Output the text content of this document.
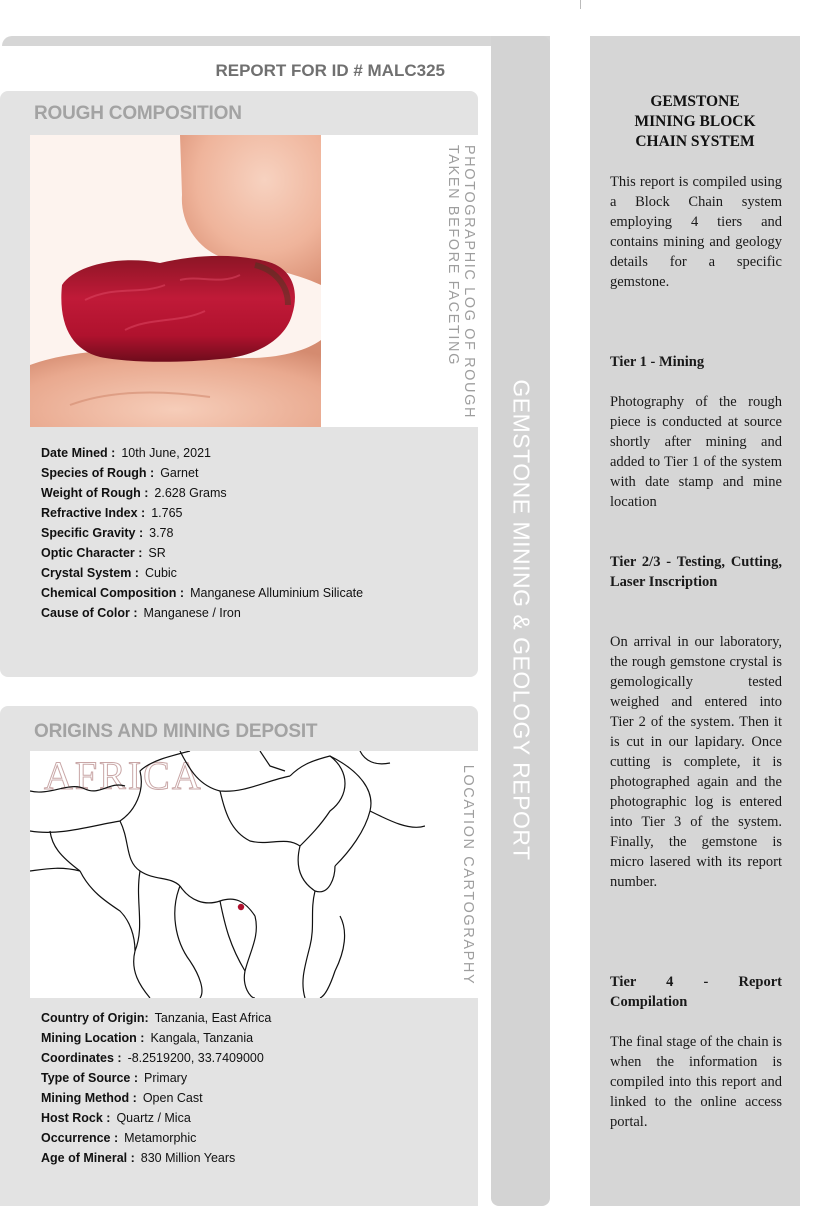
REPORT FOR ID # MALC325
GEMSTONE MINING & GEOLOGY REPORT
ROUGH COMPOSITION
PHOTOGRAPHIC LOG OF ROUGH
TAKEN BEFORE FACETING
Date Mined : 10th June, 2021
Species of Rough : Garnet
Weight of Rough : 2.628 Grams
Refractive Index : 1.765
Specific Gravity : 3.78
Optic Character : SR
Crystal System : Cubic
Chemical Composition : Manganese Alluminium Silicate
Cause of Color : Manganese / Iron
ORIGINS AND MINING DEPOSIT
AFRICA	LOCATION CARTOGRAPHY
Country of Origin: Tanzania, East Africa
Mining Location : Kangala, Tanzania
Coordinates : -8.2519200, 33.7409000
Type of Source : Primary
Mining Method : Open Cast
Host Rock : Quartz / Mica
Occurrence : Metamorphic
Age of Mineral : 830 Million Years
GEMSTONE
MINING BLOCK
CHAIN SYSTEM
This report is compiled using a Block Chain system employing 4 tiers and contains mining and geology details for a specific gemstone.
Tier 1 - Mining
Photography of the rough piece is conducted at source shortly after mining and added to Tier 1 of the system with date stamp and mine location
Tier 2/3 - Testing, Cutting, Laser Inscription
On arrival in our laboratory, the rough gemstone crystal is gemologically tested weighed and entered into Tier 2 of the system. Then it is cut in our lapidary. Once cutting is complete, it is photographed again and the photographic log is entered into Tier 3 of the system. Finally, the gemstone is micro lasered with its report number.
Tier 4 - Report Compilation
The final stage of the chain is when the information is compiled into this report and linked to the online access portal.
